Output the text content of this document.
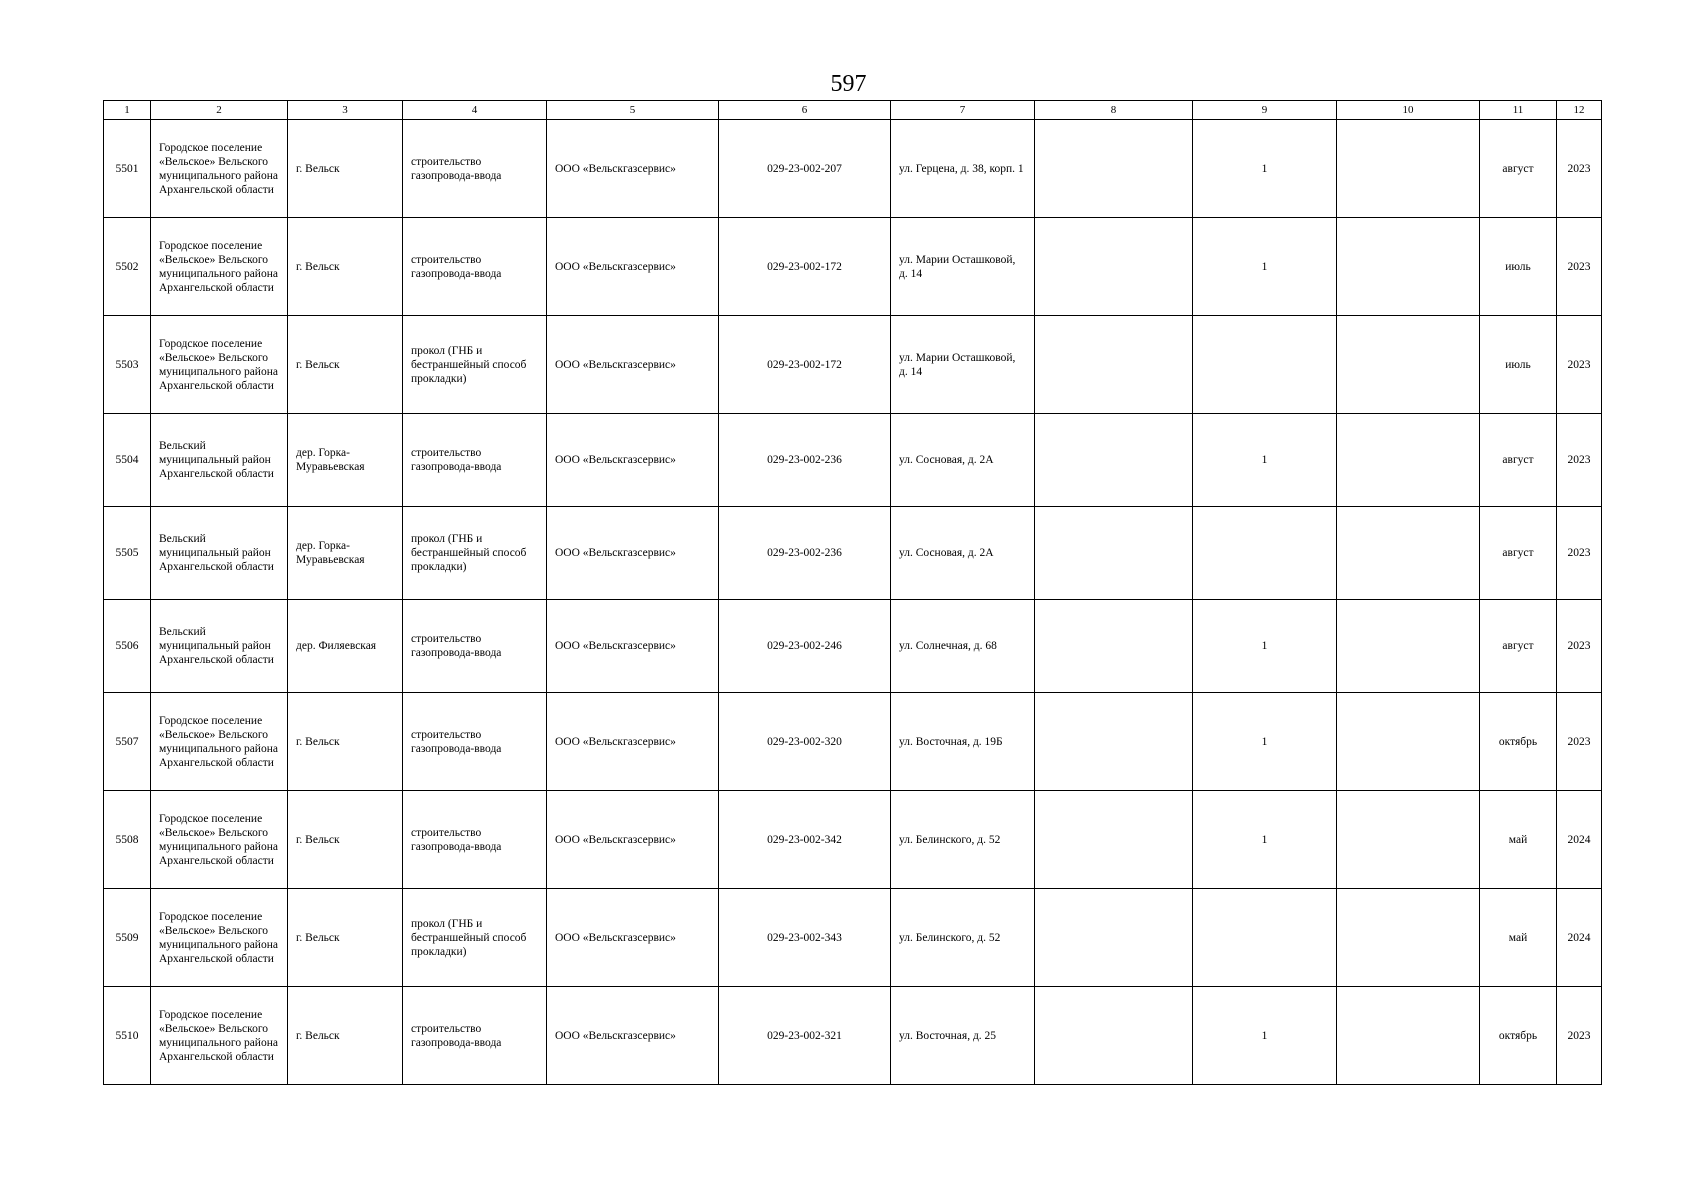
597
1	2	3	4	5	6	7	8	9	10	11	12
5501	Городское поселение «Вельское» Вельского муниципального района Архангельской области	г. Вельск	строительство газопровода-ввода	ООО «Вельскгазсервис»	029-23-002-207	ул. Герцена, д. 38, корп. 1		1		август	2023
5502	Городское поселение «Вельское» Вельского муниципального района Архангельской области	г. Вельск	строительство газопровода-ввода	ООО «Вельскгазсервис»	029-23-002-172	ул. Марии Осташковой, д. 14		1		июль	2023
5503	Городское поселение «Вельское» Вельского муниципального района Архангельской области	г. Вельск	прокол (ГНБ и бестраншейный способ прокладки)	ООО «Вельскгазсервис»	029-23-002-172	ул. Марии Осташковой, д. 14				июль	2023
5504	Вельский муниципальный район Архангельской области	дер. Горка-Муравьевская	строительство газопровода-ввода	ООО «Вельскгазсервис»	029-23-002-236	ул. Сосновая, д. 2А		1		август	2023
5505	Вельский муниципальный район Архангельской области	дер. Горка-Муравьевская	прокол (ГНБ и бестраншейный способ прокладки)	ООО «Вельскгазсервис»	029-23-002-236	ул. Сосновая, д. 2А				август	2023
5506	Вельский муниципальный район Архангельской области	дер. Филяевская	строительство газопровода-ввода	ООО «Вельскгазсервис»	029-23-002-246	ул. Солнечная, д. 68		1		август	2023
5507	Городское поселение «Вельское» Вельского муниципального района Архангельской области	г. Вельск	строительство газопровода-ввода	ООО «Вельскгазсервис»	029-23-002-320	ул. Восточная, д. 19Б		1		октябрь	2023
5508	Городское поселение «Вельское» Вельского муниципального района Архангельской области	г. Вельск	строительство газопровода-ввода	ООО «Вельскгазсервис»	029-23-002-342	ул. Белинского, д. 52		1		май	2024
5509	Городское поселение «Вельское» Вельского муниципального района Архангельской области	г. Вельск	прокол (ГНБ и бестраншейный способ прокладки)	ООО «Вельскгазсервис»	029-23-002-343	ул. Белинского, д. 52				май	2024
5510	Городское поселение «Вельское» Вельского муниципального района Архангельской области	г. Вельск	строительство газопровода-ввода	ООО «Вельскгазсервис»	029-23-002-321	ул. Восточная, д. 25		1		октябрь	2023
